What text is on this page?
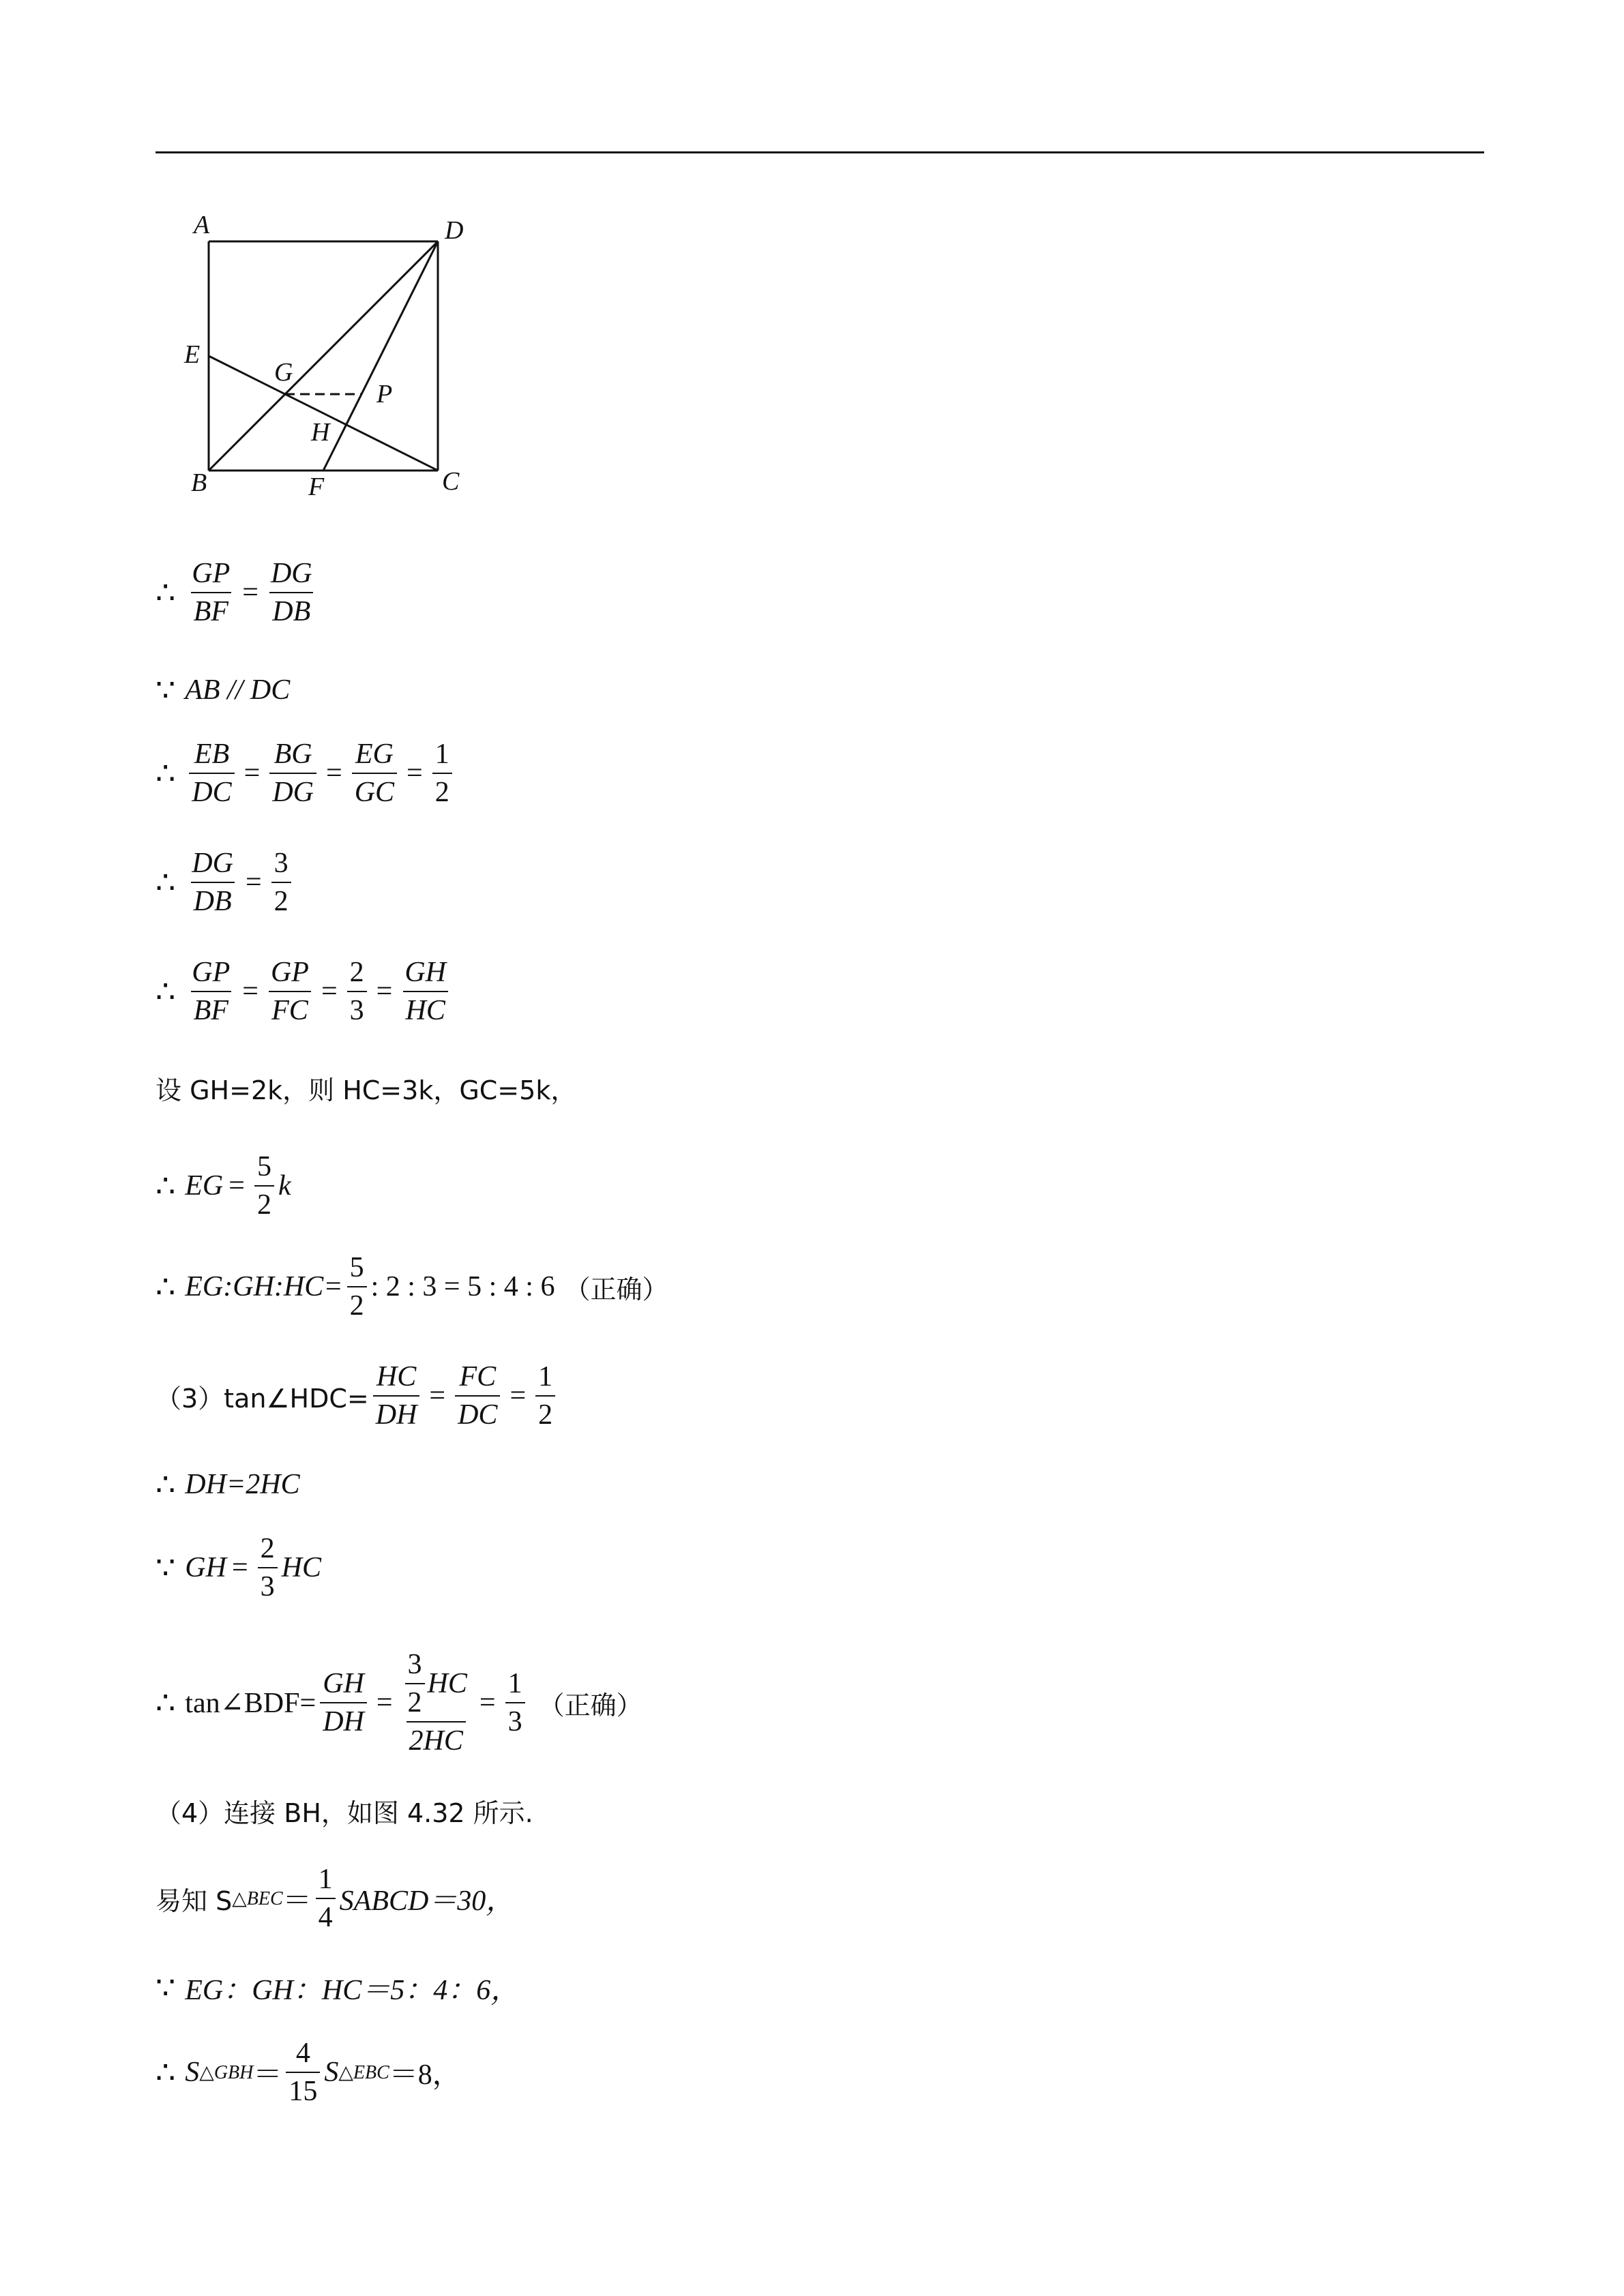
A	D
E
G
P
H
B	F	C
∴ $\frac{GP}{BF} = \frac{DG}{DB}$
∵ AB // DC
∴ $\frac{EB}{DC} = \frac{BG}{DG} = \frac{EG}{GC} = \frac{1}{2}$
∴ $\frac{DG}{DB} = \frac{3}{2}$
∴ $\frac{GP}{BF} = \frac{GP}{FC} = \frac{2}{3} = \frac{GH}{HC}$
设 GH=2k，则 HC=3k，GC=5k，
∴ EG = $\frac{5}{2}$ k
∴ EG:GH:HC= $\frac{5}{2}$ : 2 : 3 = 5 : 4 : 6 （正确）
（3）tan∠HDC= $\frac{HC}{DH} = \frac{FC}{DC} = \frac{1}{2}$
∴ DH=2HC
∵ GH = $\frac{2}{3}$ HC
∴ tan∠BDF= $\frac{GH}{DH} = \frac{\frac{3}{2} HC}{2HC} = \frac{1}{3}$ （正确）
（4）连接 BH，如图 4.32 所示.
易知 S △BEC ＝ $\frac{1}{4}$ SABCD＝30，
∵ EG：GH：HC＝5：4：6，
∴ S △GBH ＝ $\frac{4}{15}$ S △EBC ＝8，
